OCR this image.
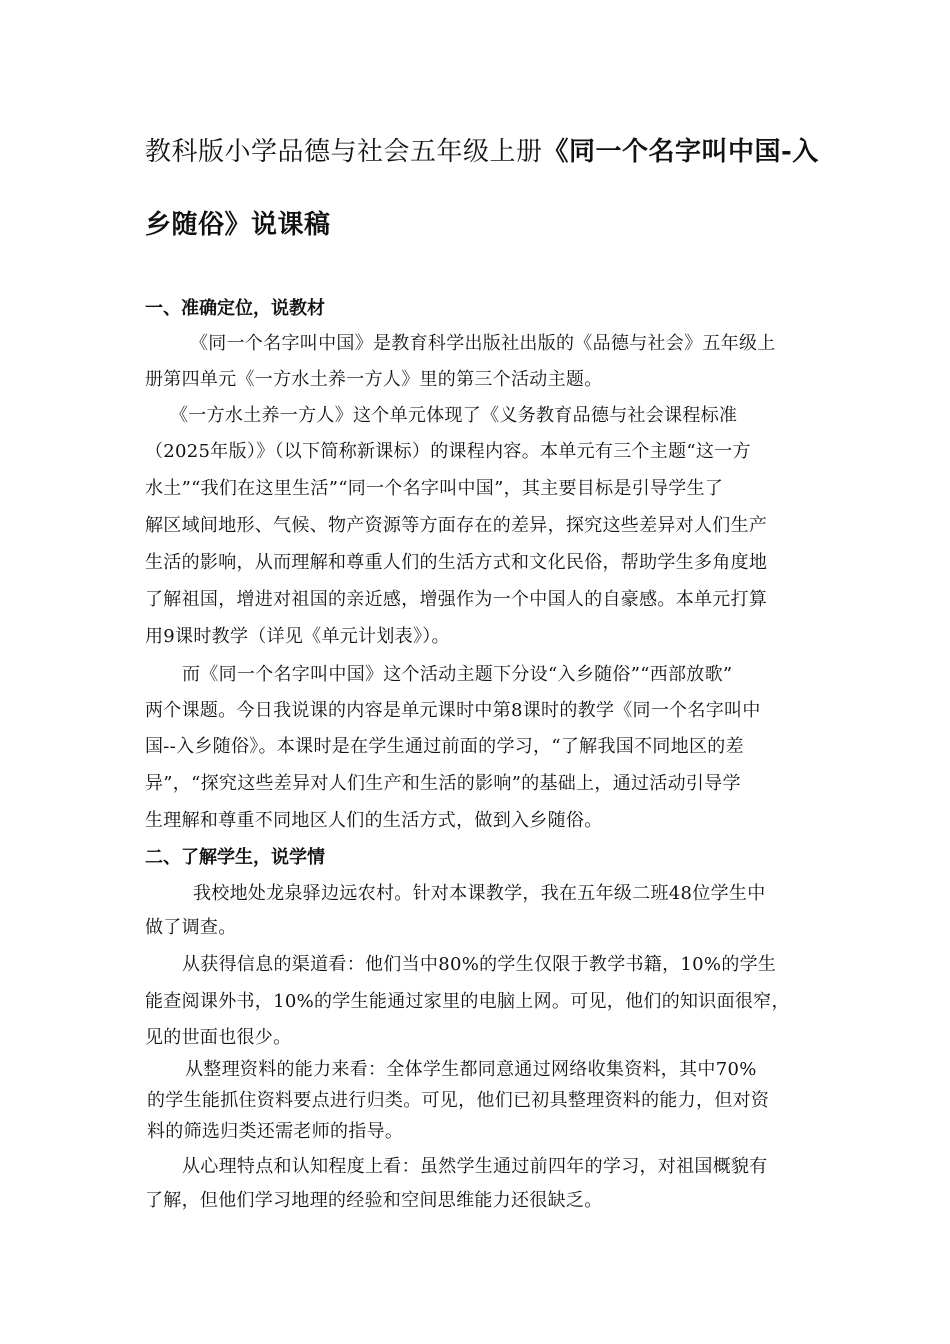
教科版小学品德与社会五年级上册《同一个名字叫中国-入
乡随俗》说课稿
一、准确定位，说教材
《同一个名字叫中国》是教育科学出版社出版的《品德与社会》五年级上
册第四单元《一方水土养一方人》里的第三个活动主题。
《一方水土养一方人》这个单元体现了《义务教育品德与社会课程标准
（2025年版）》（以下简称新课标）的课程内容。本单元有三个主题“这一方
水土”“我们在这里生活”“同一个名字叫中国”，其主要目标是引导学生了
解区域间地形、气候、物产资源等方面存在的差异，探究这些差异对人们生产
生活的影响，从而理解和尊重人们的生活方式和文化民俗，帮助学生多角度地
了解祖国，增进对祖国的亲近感，增强作为一个中国人的自豪感。本单元打算
用9课时教学（详见《单元计划表》）。
而《同一个名字叫中国》这个活动主题下分设“入乡随俗”“西部放歌”
两个课题。今日我说课的内容是单元课时中第8课时的教学《同一个名字叫中
国--入乡随俗》。本课时是在学生通过前面的学习，“了解我国不同地区的差
异”，“探究这些差异对人们生产和生活的影响”的基础上，通过活动引导学
生理解和尊重不同地区人们的生活方式，做到入乡随俗。
二、了解学生，说学情
我校地处龙泉驿边远农村。针对本课教学，我在五年级二班48位学生中
做了调查。
从获得信息的渠道看：他们当中80%的学生仅限于教学书籍，10%的学生
能查阅课外书，10%的学生能通过家里的电脑上网。可见，他们的知识面很窄，
见的世面也很少。
从整理资料的能力来看：全体学生都同意通过网络收集资料，其中70%
的学生能抓住资料要点进行归类。可见，他们已初具整理资料的能力，但对资
料的筛选归类还需老师的指导。
从心理特点和认知程度上看：虽然学生通过前四年的学习，对祖国概貌有
了解，但他们学习地理的经验和空间思维能力还很缺乏。
